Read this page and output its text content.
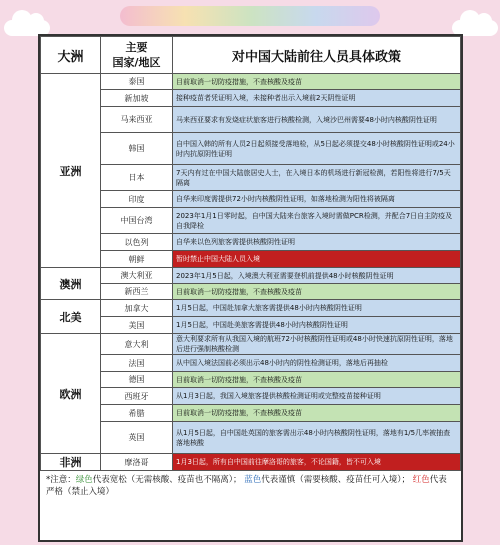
大洲	主要
国家/地区	对中国大陆前往人员具体政策
亚洲	泰国	目前取消一切防疫措施，不查核酸及疫苗
	新加坡	接种疫苗者凭证明入境，未接种者出示入境前2天阴性证明
	马来西亚	马来西亚要求有发烧症状旅客进行核酸检测，入境沙巴州需要48小时内核酸阴性证明
	韩国	自中国入韩的所有人员2日起须接受落地检，从5日起必须提交48小时核酸阴性证明或24小时内抗原阴性证明
	日本	7天内有过在中国大陆旅居史人士，在入境日本的机场进行新冠检测，若阳性将进行7/5天隔离
	印度	自华来印度需提供72小时内核酸阴性证明，如落地检测为阳性将被隔离
	中国台湾	2023年1月1日零时起，自中国大陆来台旅客入境时需做PCR检测，并配合7日自主防疫及自我降检
	以色列	自华来以色列旅客需提供核酸阴性证明
	朝鲜	暂时禁止中国大陆人员入境
澳洲	澳大利亚	2023年1月5日起，入境澳大利亚需要登机前提供48小时核酸阴性证明
	新西兰	目前取消一切防疫措施，不查核酸及疫苗
北美	加拿大	1月5日起，中国赴加拿大旅客需提供48小时内核酸阴性证明
	美国	1月5日起，中国赴美旅客需提供48小时内核酸阴性证明
欧洲	意大利	意大利要求所有从我国入境的航班72小时核酸阴性证明或48小时快速抗原阴性证明，落地后进行强制核酸检测
	法国	从中国入境法国前必须出示48小时内的阴性检测证明，落地后再抽检
	德国	目前取消一切防疫措施，不查核酸及疫苗
	西班牙	从1月3日起，我国入境旅客提供核酸检测证明或完整疫苗接种证明
	希腊	目前取消一切防疫措施，不查核酸及疫苗
	英国	从1月5日起，自中国赴英国的旅客需出示48小时内核酸阴性证明，落地有1/5几率被抽查落地核酸
非洲	摩洛哥	1月3日起，所有自中国前往摩洛哥的旅客，不论国籍，皆不可入境
*注意：绿色代表宽松（无需核酸、疫苗也不隔离）； 蓝色代表谨慎（需要核酸、疫苗任可入境）； 红色代表严格（禁止入境）
